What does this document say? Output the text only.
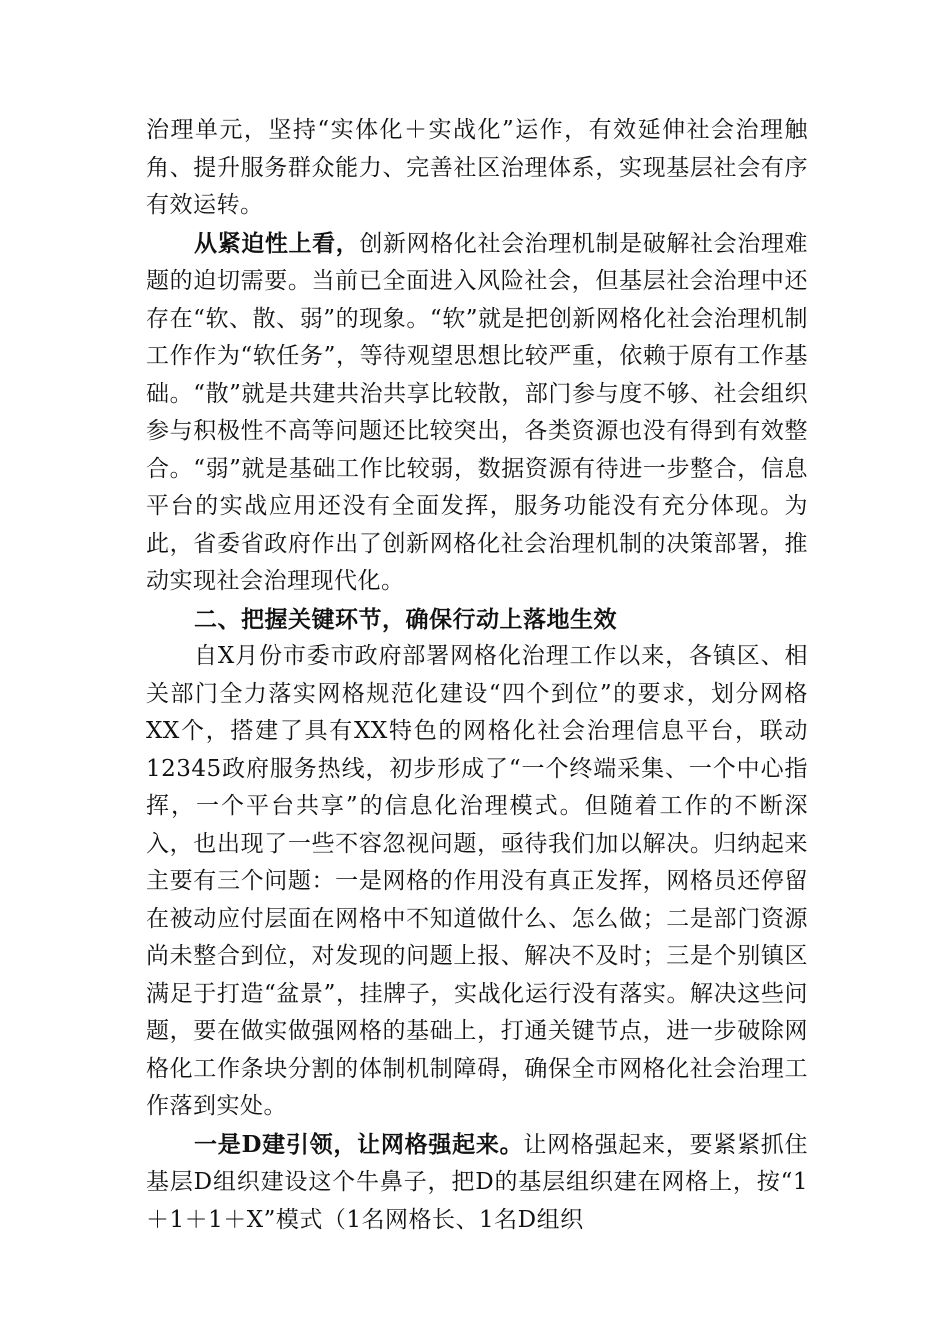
治理单元，坚持“实体化＋实战化”运作，有效延伸社会治理触角、提升服务群众能力、完善社区治理体系，实现基层社会有序有效运转。

从紧迫性上看，创新网格化社会治理机制是破解社会治理难题的迫切需要。当前已全面进入风险社会，但基层社会治理中还存在“软、散、弱”的现象。“软”就是把创新网格化社会治理机制工作作为“软任务”，等待观望思想比较严重，依赖于原有工作基础。“散”就是共建共治共享比较散，部门参与度不够、社会组织参与积极性不高等问题还比较突出，各类资源也没有得到有效整合。“弱”就是基础工作比较弱，数据资源有待进一步整合，信息平台的实战应用还没有全面发挥，服务功能没有充分体现。为此，省委省政府作出了创新网格化社会治理机制的决策部署，推动实现社会治理现代化。

二、把握关键环节，确保行动上落地生效

自X月份市委市政府部署网格化治理工作以来，各镇区、相关部门全力落实网格规范化建设“四个到位”的要求，划分网格XX个，搭建了具有XX特色的网格化社会治理信息平台，联动12345政府服务热线，初步形成了“一个终端采集、一个中心指挥，一个平台共享”的信息化治理模式。但随着工作的不断深入，也出现了一些不容忽视问题，亟待我们加以解决。归纳起来主要有三个问题：一是网格的作用没有真正发挥，网格员还停留在被动应付层面在网格中不知道做什么、怎么做；二是部门资源尚未整合到位，对发现的问题上报、解决不及时；三是个别镇区满足于打造“盆景”，挂牌子，实战化运行没有落实。解决这些问题，要在做实做强网格的基础上，打通关键节点，进一步破除网格化工作条块分割的体制机制障碍，确保全市网格化社会治理工作落到实处。

一是D建引领，让网格强起来。让网格强起来，要紧紧抓住基层D组织建设这个牛鼻子，把D的基层组织建在网格上，按“1＋1＋1＋X”模式（1名网格长、1名D组织
